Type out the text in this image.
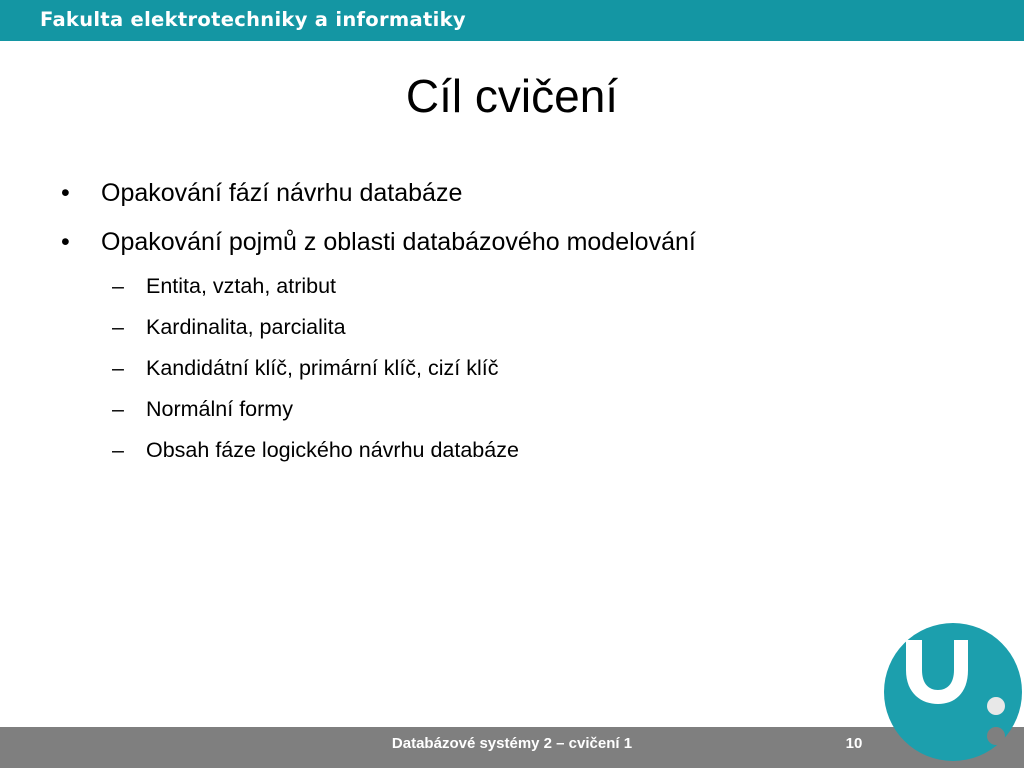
Fakulta elektrotechniky a informatiky
Cíl cvičení
• Opakování fází návrhu databáze
• Opakování pojmů z oblasti databázového modelování
– Entita, vztah, atribut
– Kardinalita, parcialita
– Kandidátní klíč, primární klíč, cizí klíč
– Normální formy
– Obsah fáze logického návrhu databáze
Databázové systémy 2 – cvičení 1	10
